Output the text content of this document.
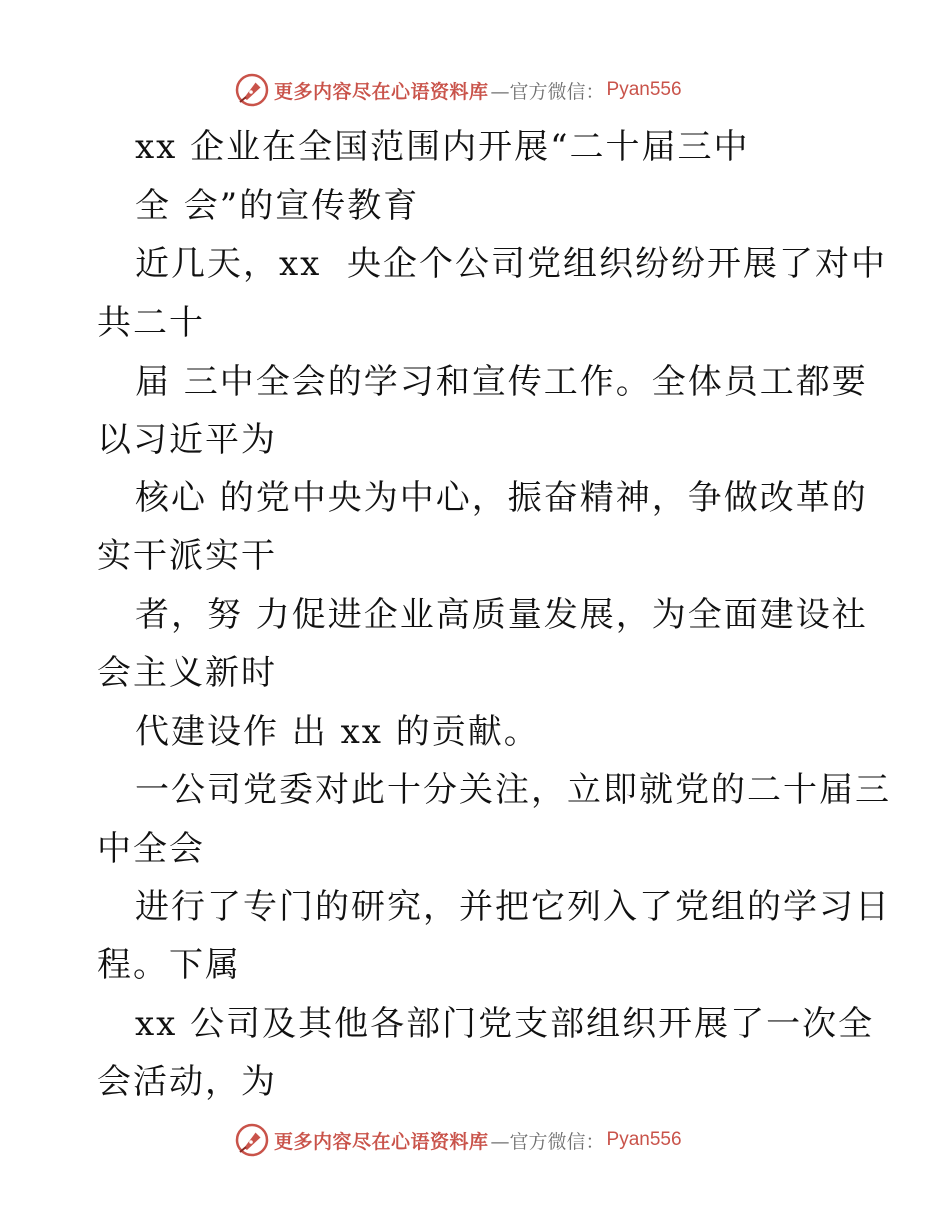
更多内容尽在心语资料库 —官方微信： Pyan556
xx 企业在全国范围内开展“二十届三中
全 会”的宣传教育
近几天，xx  央企个公司党组织纷纷开展了对中
共二十
届 三中全会的学习和宣传工作。全体员工都要
以习近平为
核心 的党中央为中心，振奋精神，争做改革的
实干派实干
者，努 力促进企业高质量发展，为全面建设社
会主义新时
代建设作 出 xx 的贡献。
一公司党委对此十分关注，立即就党的二十届三
中全会
进行了专门的研究，并把它列入了党组的学习日
程。下属
xx 公司及其他各部门党支部组织开展了一次全
会活动，为
更多内容尽在心语资料库 —官方微信： Pyan556
